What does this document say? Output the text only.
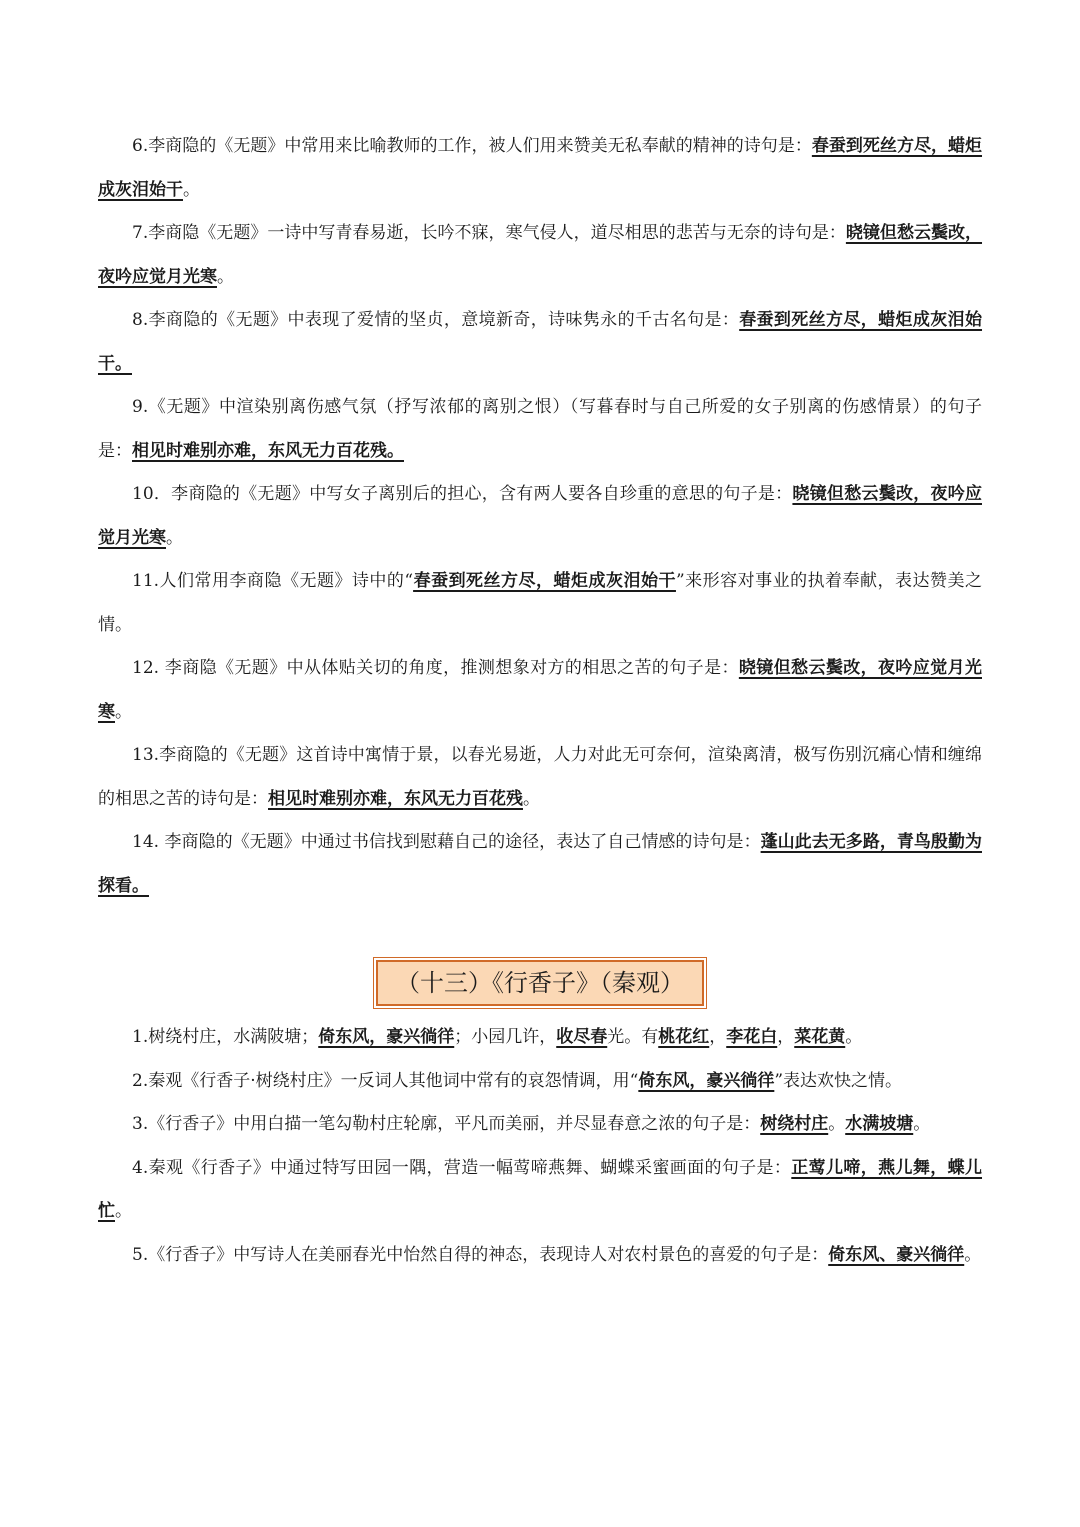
6.李商隐的《无题》中常用来比喻教师的工作，被人们用来赞美无私奉献的精神的诗句是：春蚕到死丝方尽，蜡炬成灰泪始干。

7.李商隐《无题》一诗中写青春易逝，长吟不寐，寒气侵人，道尽相思的悲苦与无奈的诗句是：晓镜但愁云鬓改，夜吟应觉月光寒。

8.李商隐的《无题》中表现了爱情的坚贞，意境新奇，诗味隽永的千古名句是：春蚕到死丝方尽，蜡炬成灰泪始干。

9.《无题》中渲染别离伤感气氛（抒写浓郁的离别之恨）（写暮春时与自己所爱的女子别离的伤感情景）的句子是：相见时难别亦难，东风无力百花残。

10．李商隐的《无题》中写女子离别后的担心，含有两人要各自珍重的意思的句子是：晓镜但愁云鬓改，夜吟应觉月光寒。

11.人们常用李商隐《无题》诗中的“春蚕到死丝方尽，蜡炬成灰泪始干”来形容对事业的执着奉献，表达赞美之情。

12. 李商隐《无题》中从体贴关切的角度，推测想象对方的相思之苦的句子是：晓镜但愁云鬓改，夜吟应觉月光寒。

13.李商隐的《无题》这首诗中寓情于景，以春光易逝，人力对此无可奈何，渲染离清，极写伤别沉痛心情和缠绵的相思之苦的诗句是：相见时难别亦难，东风无力百花残。

14. 李商隐的《无题》中通过书信找到慰藉自己的途径，表达了自己情感的诗句是：蓬山此去无多路，青鸟殷勤为探看。

（十三）《行香子》（秦观）

1.树绕村庄，水满陂塘；倚东风，豪兴徜徉；小园几许，收尽春光。有桃花红，李花白，菜花黄。

2.秦观《行香子·树绕村庄》一反词人其他词中常有的哀怨情调，用“倚东风，豪兴徜徉”表达欢快之情。

3.《行香子》中用白描一笔勾勒村庄轮廓，平凡而美丽，并尽显春意之浓的句子是：树绕村庄。水满坡塘。

4.秦观《行香子》中通过特写田园一隅，营造一幅莺啼燕舞、蝴蝶采蜜画面的句子是：正莺儿啼，燕儿舞，蝶儿忙。

5.《行香子》中写诗人在美丽春光中怡然自得的神态，表现诗人对农村景色的喜爱的句子是：倚东风、豪兴徜徉。
